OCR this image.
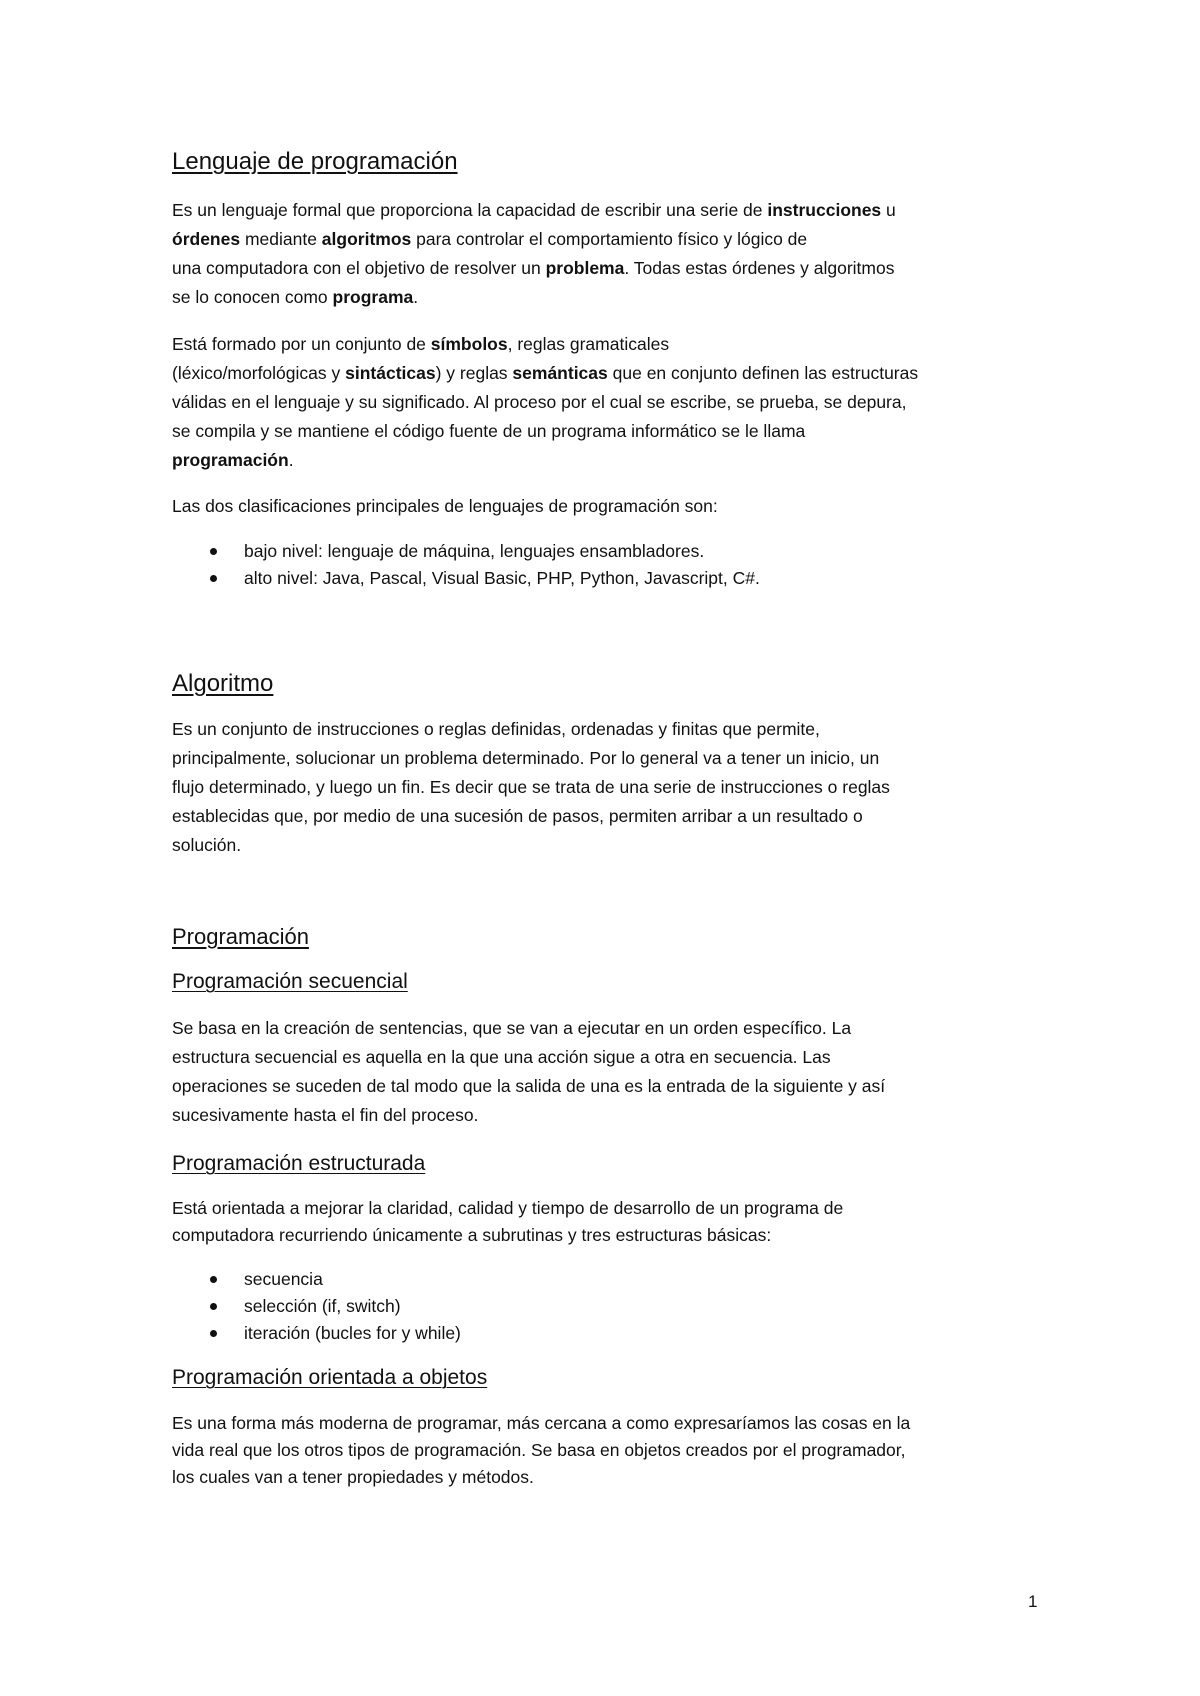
Lenguaje de programación
Es un lenguaje formal que proporciona la capacidad de escribir una serie de instrucciones u
órdenes mediante algoritmos para controlar el comportamiento físico y lógico de
una computadora con el objetivo de resolver un problema. Todas estas órdenes y algoritmos
se lo conocen como programa.
Está formado por un conjunto de símbolos, reglas gramaticales
(léxico/morfológicas y sintácticas) y reglas semánticas que en conjunto definen las estructuras
válidas en el lenguaje y su significado. Al proceso por el cual se escribe, se prueba, se depura,
se compila y se mantiene el código fuente de un programa informático se le llama
programación.
Las dos clasificaciones principales de lenguajes de programación son:
bajo nivel: lenguaje de máquina, lenguajes ensambladores.
alto nivel: Java, Pascal, Visual Basic, PHP, Python, Javascript, C#.
Algoritmo
Es un conjunto de instrucciones o reglas definidas, ordenadas y finitas que permite,
principalmente, solucionar un problema determinado. Por lo general va a tener un inicio, un
flujo determinado, y luego un fin. Es decir que se trata de una serie de instrucciones o reglas
establecidas que, por medio de una sucesión de pasos, permiten arribar a un resultado o
solución.
Programación
Programación secuencial
Se basa en la creación de sentencias, que se van a ejecutar en un orden específico. La
estructura secuencial es aquella en la que una acción sigue a otra en secuencia. Las
operaciones se suceden de tal modo que la salida de una es la entrada de la siguiente y así
sucesivamente hasta el fin del proceso.
Programación estructurada
Está orientada a mejorar la claridad, calidad y tiempo de desarrollo de un programa de
computadora recurriendo únicamente a subrutinas y tres estructuras básicas:
secuencia
selección (if, switch)
iteración (bucles for y while)
Programación orientada a objetos
Es una forma más moderna de programar, más cercana a como expresaríamos las cosas en la
vida real que los otros tipos de programación. Se basa en objetos creados por el programador,
los cuales van a tener propiedades y métodos.
1
